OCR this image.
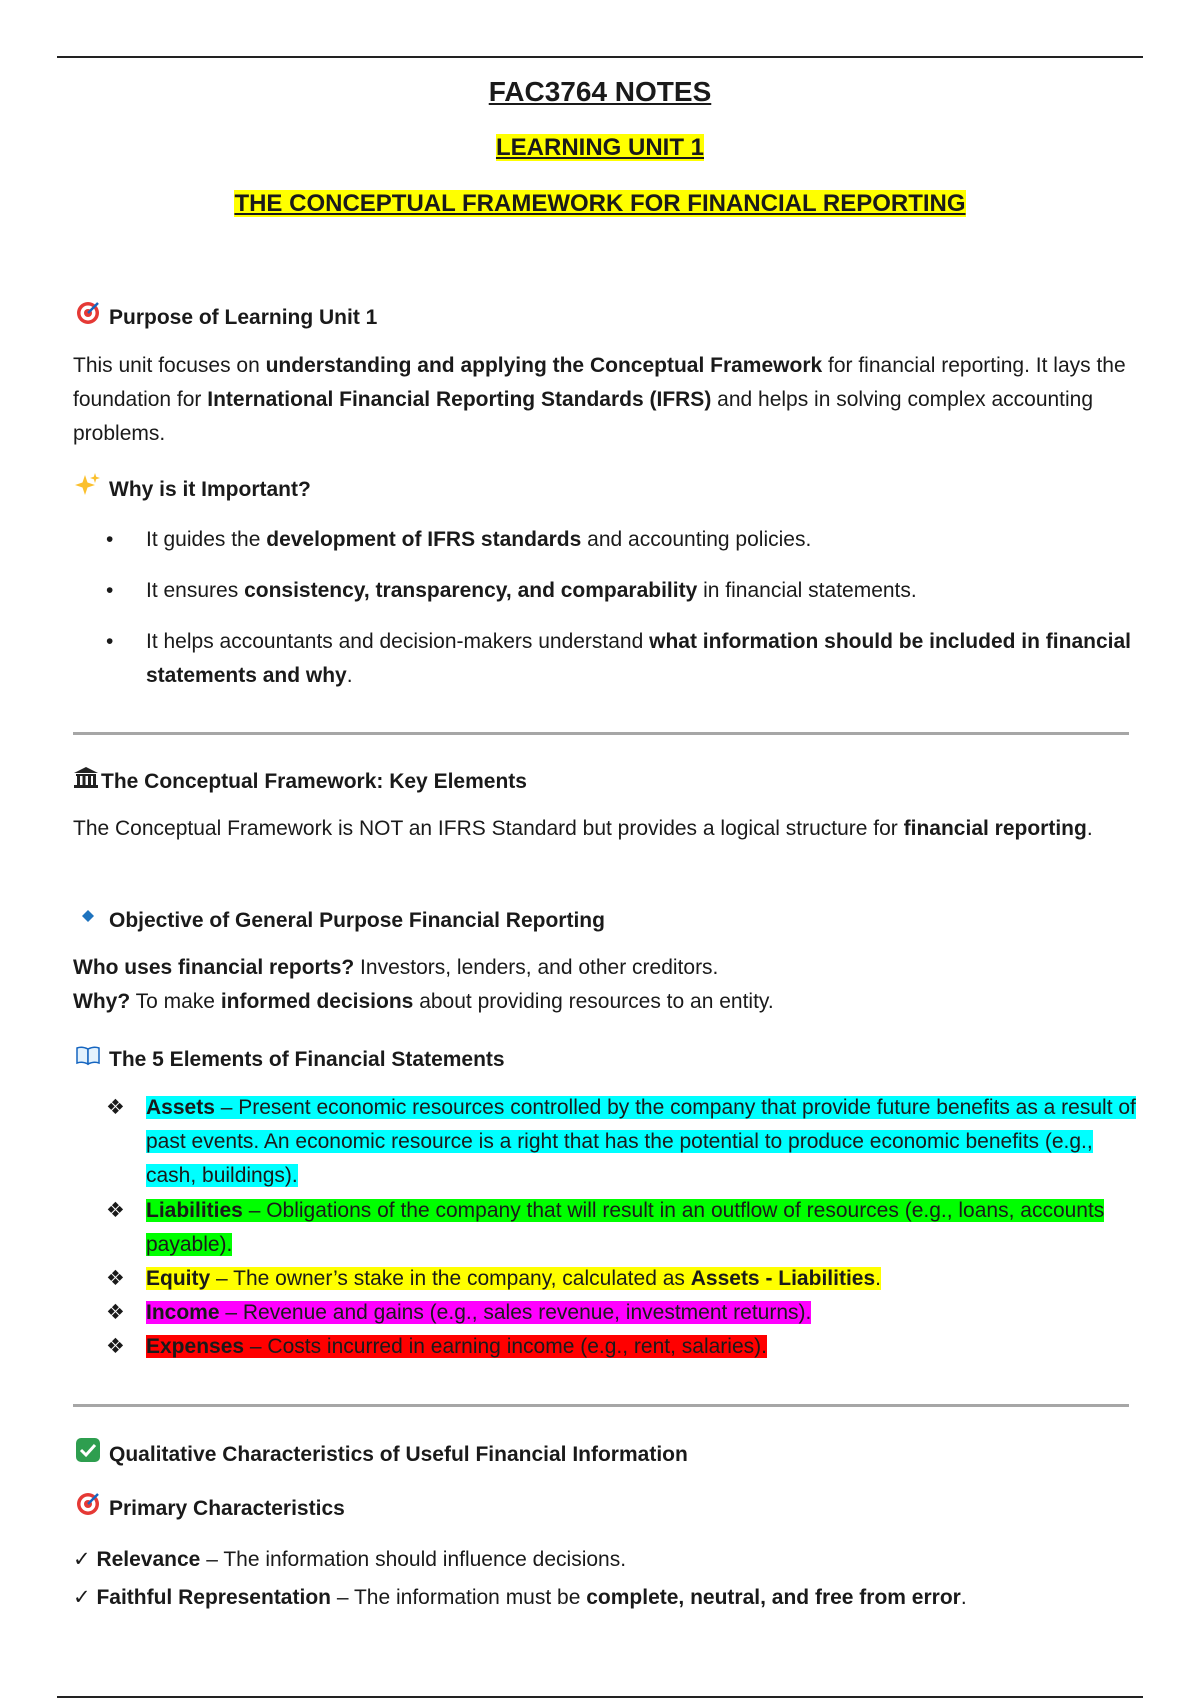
FAC3764 NOTES
LEARNING UNIT 1
THE CONCEPTUAL FRAMEWORK FOR FINANCIAL REPORTING
Purpose of Learning Unit 1
This unit focuses on understanding and applying the Conceptual Framework for financial reporting. It lays the foundation for International Financial Reporting Standards (IFRS) and helps in solving complex accounting problems.
Why is it Important?
•	It guides the development of IFRS standards and accounting policies.
•	It ensures consistency, transparency, and comparability in financial statements.
•	It helps accountants and decision-makers understand what information should be included in financial statements and why.
The Conceptual Framework: Key Elements
The Conceptual Framework is NOT an IFRS Standard but provides a logical structure for financial reporting.
Objective of General Purpose Financial Reporting
Who uses financial reports? Investors, lenders, and other creditors.
Why? To make informed decisions about providing resources to an entity.
The 5 Elements of Financial Statements
❖ Assets – Present economic resources controlled by the company that provide future benefits as a result of past events. An economic resource is a right that has the potential to produce economic benefits (e.g., cash, buildings).
❖ Liabilities – Obligations of the company that will result in an outflow of resources (e.g., loans, accounts payable).
❖ Equity – The owner’s stake in the company, calculated as Assets - Liabilities.
❖ Income – Revenue and gains (e.g., sales revenue, investment returns).
❖ Expenses – Costs incurred in earning income (e.g., rent, salaries).
Qualitative Characteristics of Useful Financial Information
Primary Characteristics
✓ Relevance – The information should influence decisions.
✓ Faithful Representation – The information must be complete, neutral, and free from error.
